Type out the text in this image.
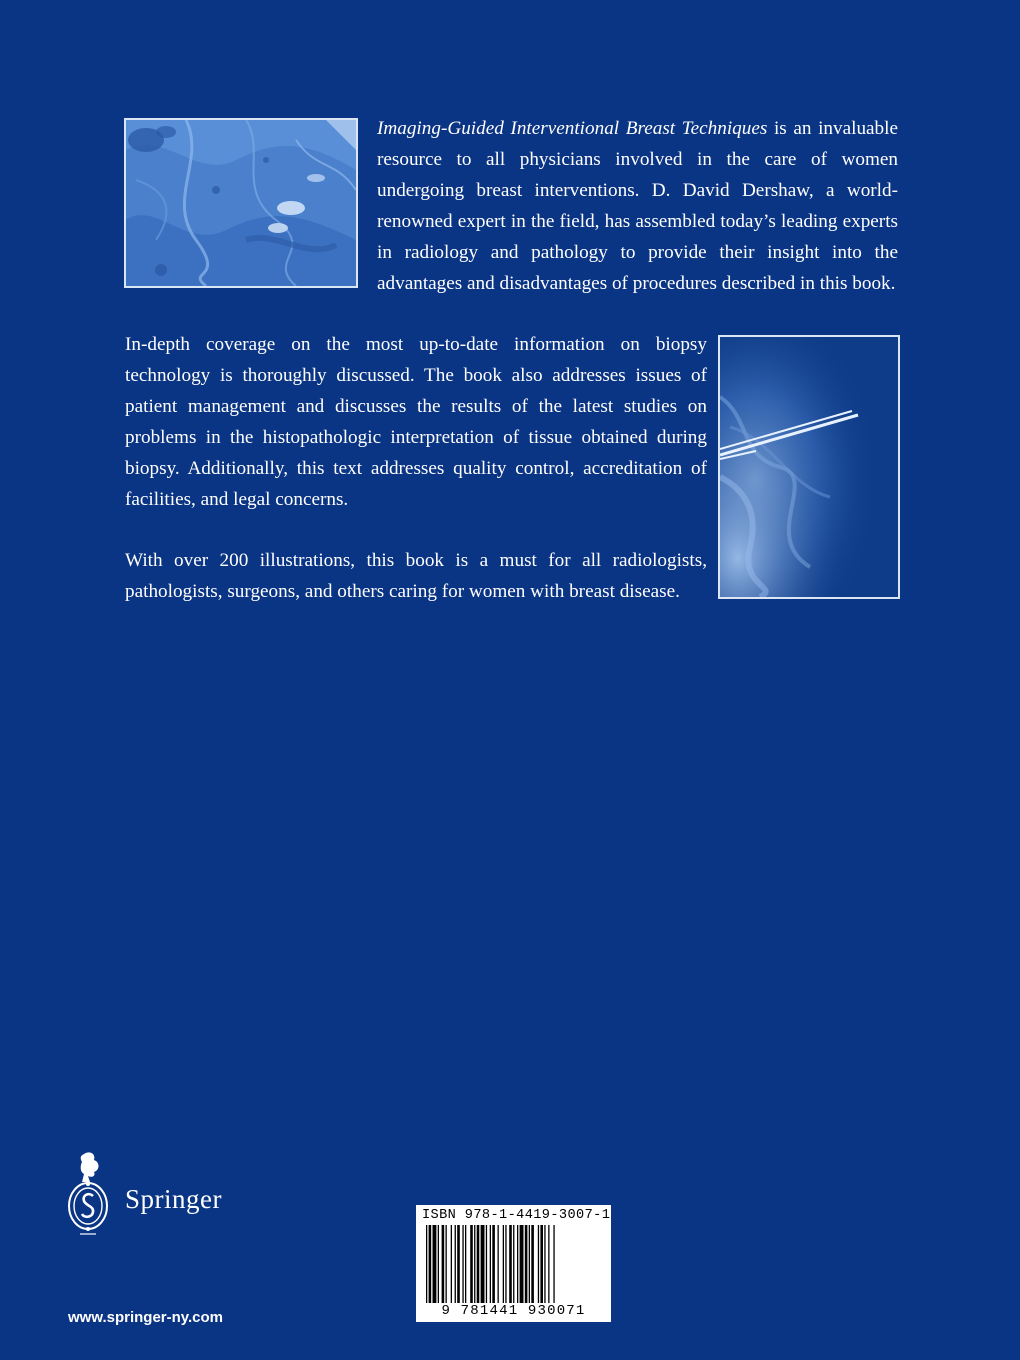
Imaging-Guided Interventional Breast Techniques is an invaluable resource to all physicians involved in the care of women undergoing breast interventions. D. David Dershaw, a world-renowned expert in the field, has assembled today’s leading experts in radiology and pathology to provide their insight into the advantages and disadvantages of procedures described in this book.

In-depth coverage on the most up-to-date information on biopsy technology is thoroughly discussed. The book also addresses issues of patient management and discusses the results of the latest studies on problems in the histopathologic interpretation of tissue obtained during biopsy. Additionally, this text addresses quality control, accreditation of facilities, and legal concerns.

With over 200 illustrations, this book is a must for all radiologists, pathologists, surgeons, and others caring for women with breast disease.

Springer
www.springer-ny.com
ISBN 978-1-4419-3007-1
9 781441 930071
